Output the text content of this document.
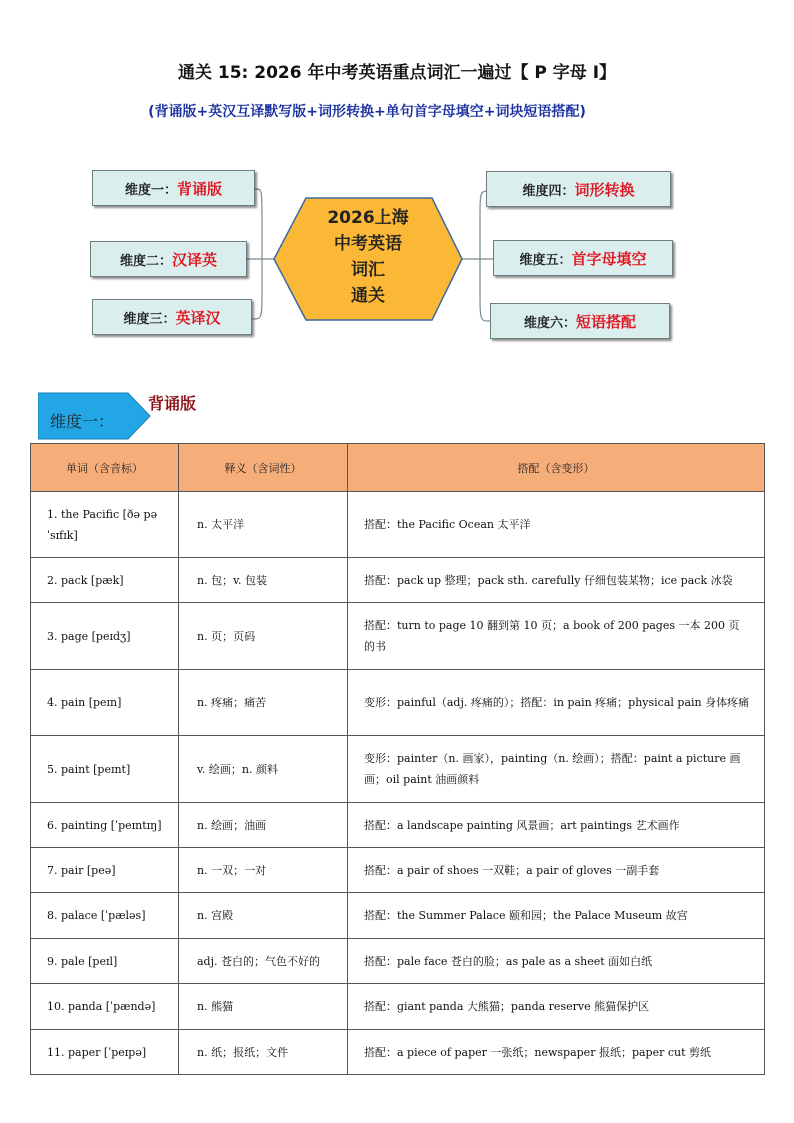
通关 15: 2026 年中考英语重点词汇一遍过【 P 字母 I】
(背诵版+英汉互译默写版+词形转换+单句首字母填空+词块短语搭配)
2026上海
中考英语
词汇
通关
维度一： 背诵版
维度二： 汉译英
维度三： 英译汉
维度四： 词形转换
维度五： 首字母填空
维度六： 短语搭配
维度一：
背诵版
单词（含音标）	释义（含词性）	搭配（含变形）
1. the Pacific [ðə pəˈsɪfɪk]	n. 太平洋	搭配：the Pacific Ocean 太平洋
2. pack [pæk]	n. 包；v. 包装	搭配：pack up 整理；pack sth. carefully 仔细包装某物；ice pack 冰袋
3. page [peɪdʒ]	n. 页；页码	搭配：turn to page 10 翻到第 10 页；a book of 200 pages 一本 200 页的书
4. pain [peɪn]	n. 疼痛；痛苦	变形：painful（adj. 疼痛的）；搭配：in pain 疼痛；physical pain 身体疼痛
5. paint [peɪnt]	v. 绘画；n. 颜料	变形：painter（n. 画家），painting（n. 绘画）；搭配：paint a picture 画画；oil paint 油画颜料
6. painting [ˈpeɪntɪŋ]	n. 绘画；油画	搭配：a landscape painting 风景画；art paintings 艺术画作
7. pair [peə]	n. 一双；一对	搭配：a pair of shoes 一双鞋；a pair of gloves 一副手套
8. palace [ˈpæləs]	n. 宫殿	搭配：the Summer Palace 颐和园；the Palace Museum 故宫
9. pale [peɪl]	adj. 苍白的；气色不好的	搭配：pale face 苍白的脸；as pale as a sheet 面如白纸
10. panda [ˈpændə]	n. 熊猫	搭配：giant panda 大熊猫；panda reserve 熊猫保护区
11. paper [ˈpeɪpə]	n. 纸；报纸；文件	搭配：a piece of paper 一张纸；newspaper 报纸；paper cut 剪纸
